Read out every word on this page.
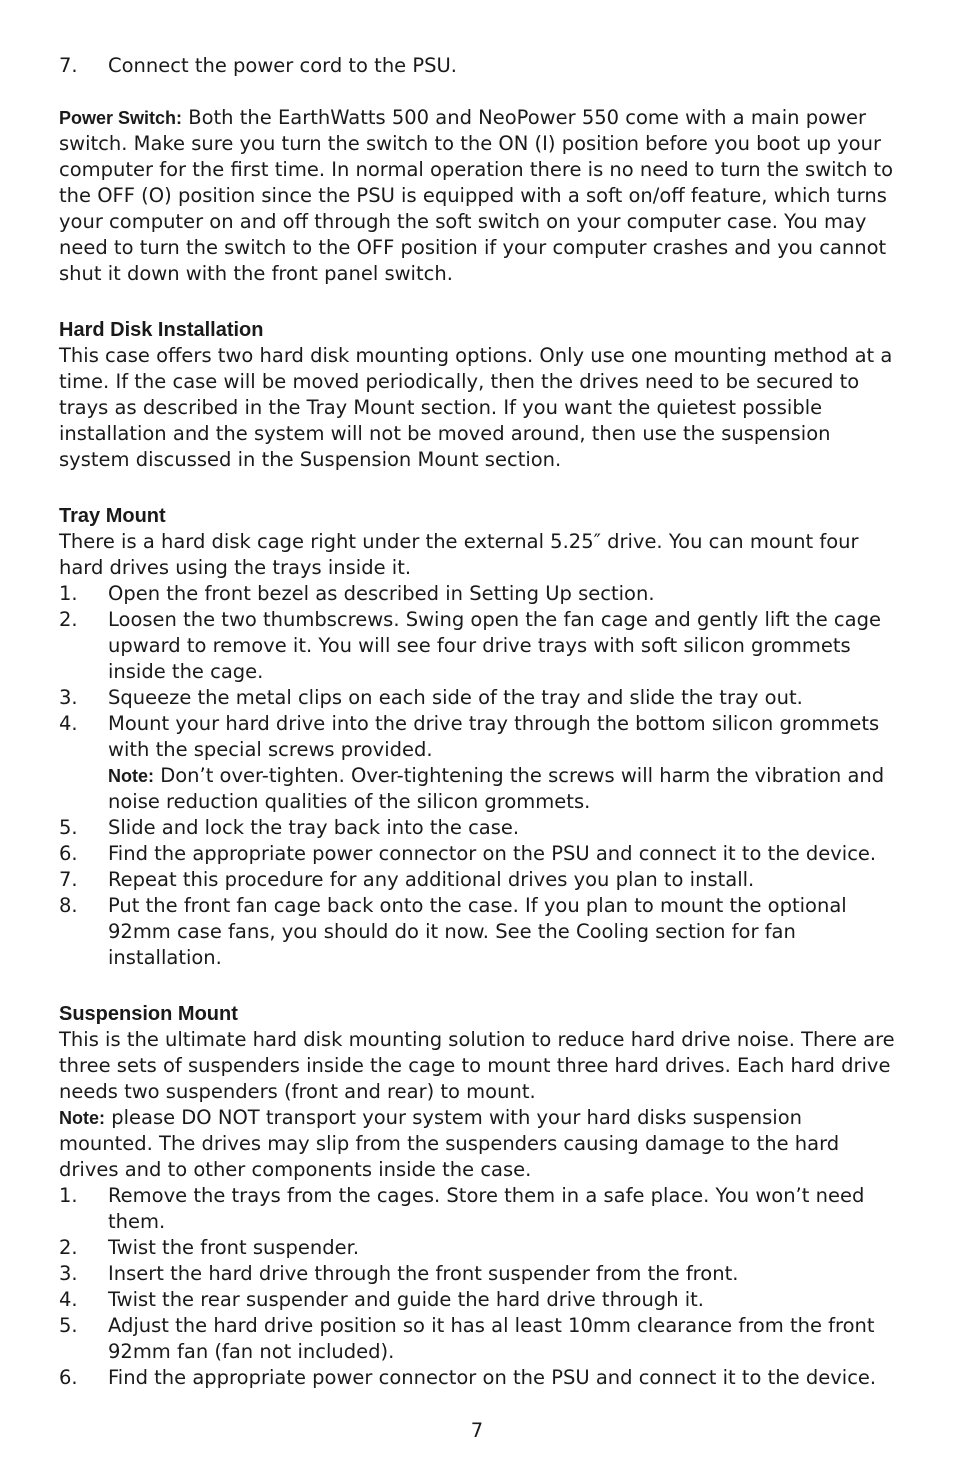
7.	Connect the power cord to the PSU.

Power Switch: Both the EarthWatts 500 and NeoPower 550 come with a main power switch. Make sure you turn the switch to the ON (I) position before you boot up your computer for the first time. In normal operation there is no need to turn the switch to the OFF (O) position since the PSU is equipped with a soft on/off feature, which turns your computer on and off through the soft switch on your computer case. You may need to turn the switch to the OFF position if your computer crashes and you cannot shut it down with the front panel switch.

Hard Disk Installation

This case offers two hard disk mounting options. Only use one mounting method at a time. If the case will be moved periodically, then the drives need to be secured to trays as described in the Tray Mount section. If you want the quietest possible installation and the system will not be moved around, then use the suspension system discussed in the Suspension Mount section.

Tray Mount

There is a hard disk cage right under the external 5.25″ drive. You can mount four hard drives using the trays inside it.

1.	Open the front bezel as described in Setting Up section.
2.	Loosen the two thumbscrews. Swing open the fan cage and gently lift the cage upward to remove it. You will see four drive trays with soft silicon grommets inside the cage.
3.	Squeeze the metal clips on each side of the tray and slide the tray out.
4.	Mount your hard drive into the drive tray through the bottom silicon grommets with the special screws provided.

Note: Don’t over-tighten. Over-tightening the screws will harm the vibration and noise reduction qualities of the silicon grommets.

5.	Slide and lock the tray back into the case.
6.	Find the appropriate power connector on the PSU and connect it to the device.
7.	Repeat this procedure for any additional drives you plan to install.
8.	Put the front fan cage back onto the case. If you plan to mount the optional 92mm case fans, you should do it now. See the Cooling section for fan installation.
Suspension Mount

This is the ultimate hard disk mounting solution to reduce hard drive noise. There are three sets of suspenders inside the cage to mount three hard drives. Each hard drive needs two suspenders (front and rear) to mount.

Note: please DO NOT transport your system with your hard disks suspension mounted. The drives may slip from the suspenders causing damage to the hard drives and to other components inside the case.

1.	Remove the trays from the cages. Store them in a safe place. You won’t need them.
2.	Twist the front suspender.
3.	Insert the hard drive through the front suspender from the front.
4.	Twist the rear suspender and guide the hard drive through it.
5.	Adjust the hard drive position so it has al least 10mm clearance from the front 92mm fan (fan not included).
6.	Find the appropriate power connector on the PSU and connect it to the device.
7
